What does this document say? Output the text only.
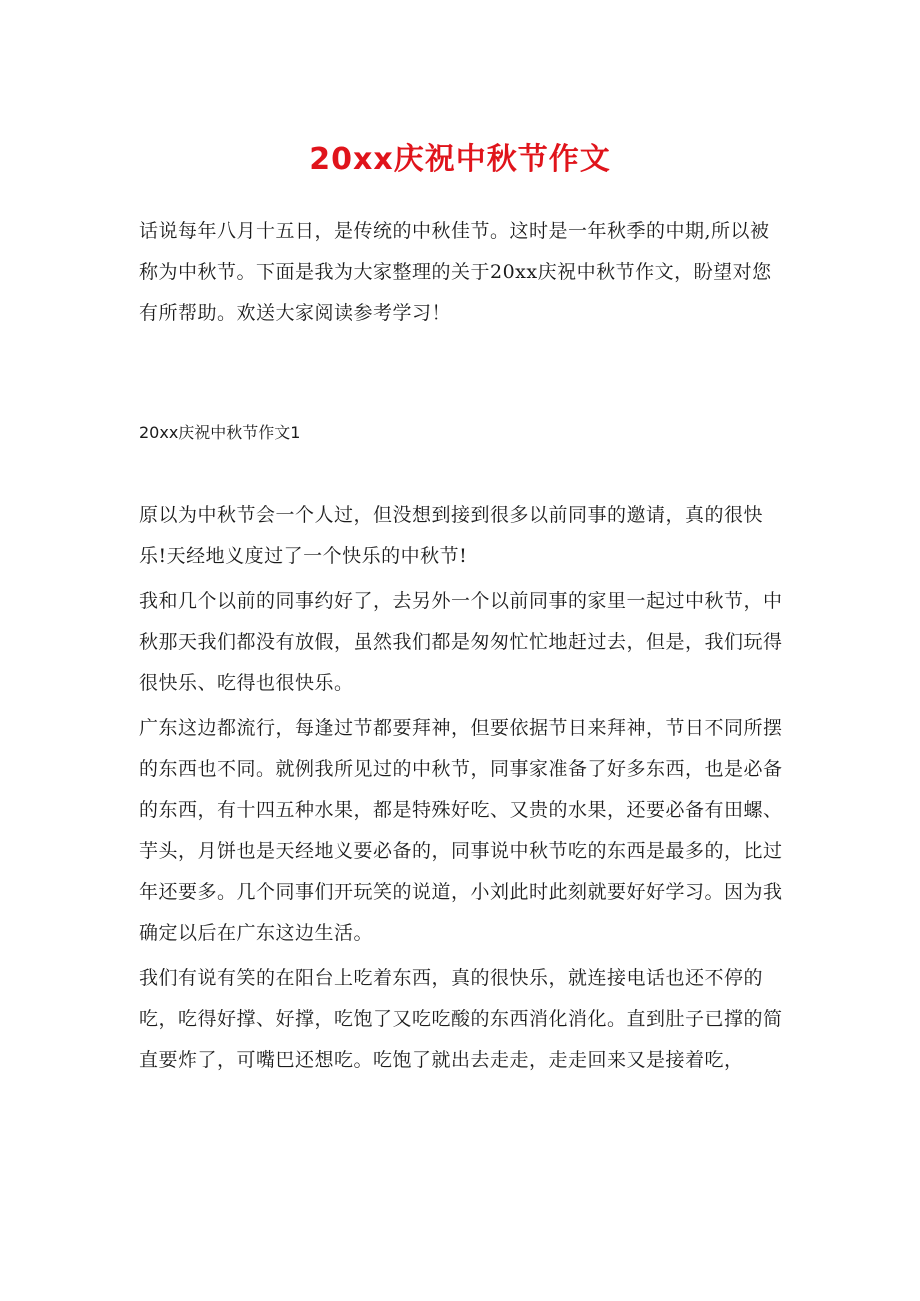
20xx庆祝中秋节作文

话说每年八月十五日，是传统的中秋佳节。这时是一年秋季的中期,所以被称为中秋节。下面是我为大家整理的关于20xx庆祝中秋节作文，盼望对您有所帮助。欢送大家阅读参考学习！

20xx庆祝中秋节作文1

原以为中秋节会一个人过，但没想到接到很多以前同事的邀请，真的很快乐!天经地义度过了一个快乐的中秋节!

我和几个以前的同事约好了，去另外一个以前同事的家里一起过中秋节，中秋那天我们都没有放假，虽然我们都是匆匆忙忙地赶过去，但是，我们玩得很快乐、吃得也很快乐。

广东这边都流行，每逢过节都要拜神，但要依据节日来拜神，节日不同所摆的东西也不同。就例我所见过的中秋节，同事家准备了好多东西，也是必备的东西，有十四五种水果，都是特殊好吃、又贵的水果，还要必备有田螺、芋头，月饼也是天经地义要必备的，同事说中秋节吃的东西是最多的，比过年还要多。几个同事们开玩笑的说道，小刘此时此刻就要好好学习。因为我确定以后在广东这边生活。

我们有说有笑的在阳台上吃着东西，真的很快乐，就连接电话也还不停的吃，吃得好撑、好撑，吃饱了又吃吃酸的东西消化消化。直到肚子已撑的简直要炸了，可嘴巴还想吃。吃饱了就出去走走，走走回来又是接着吃，
